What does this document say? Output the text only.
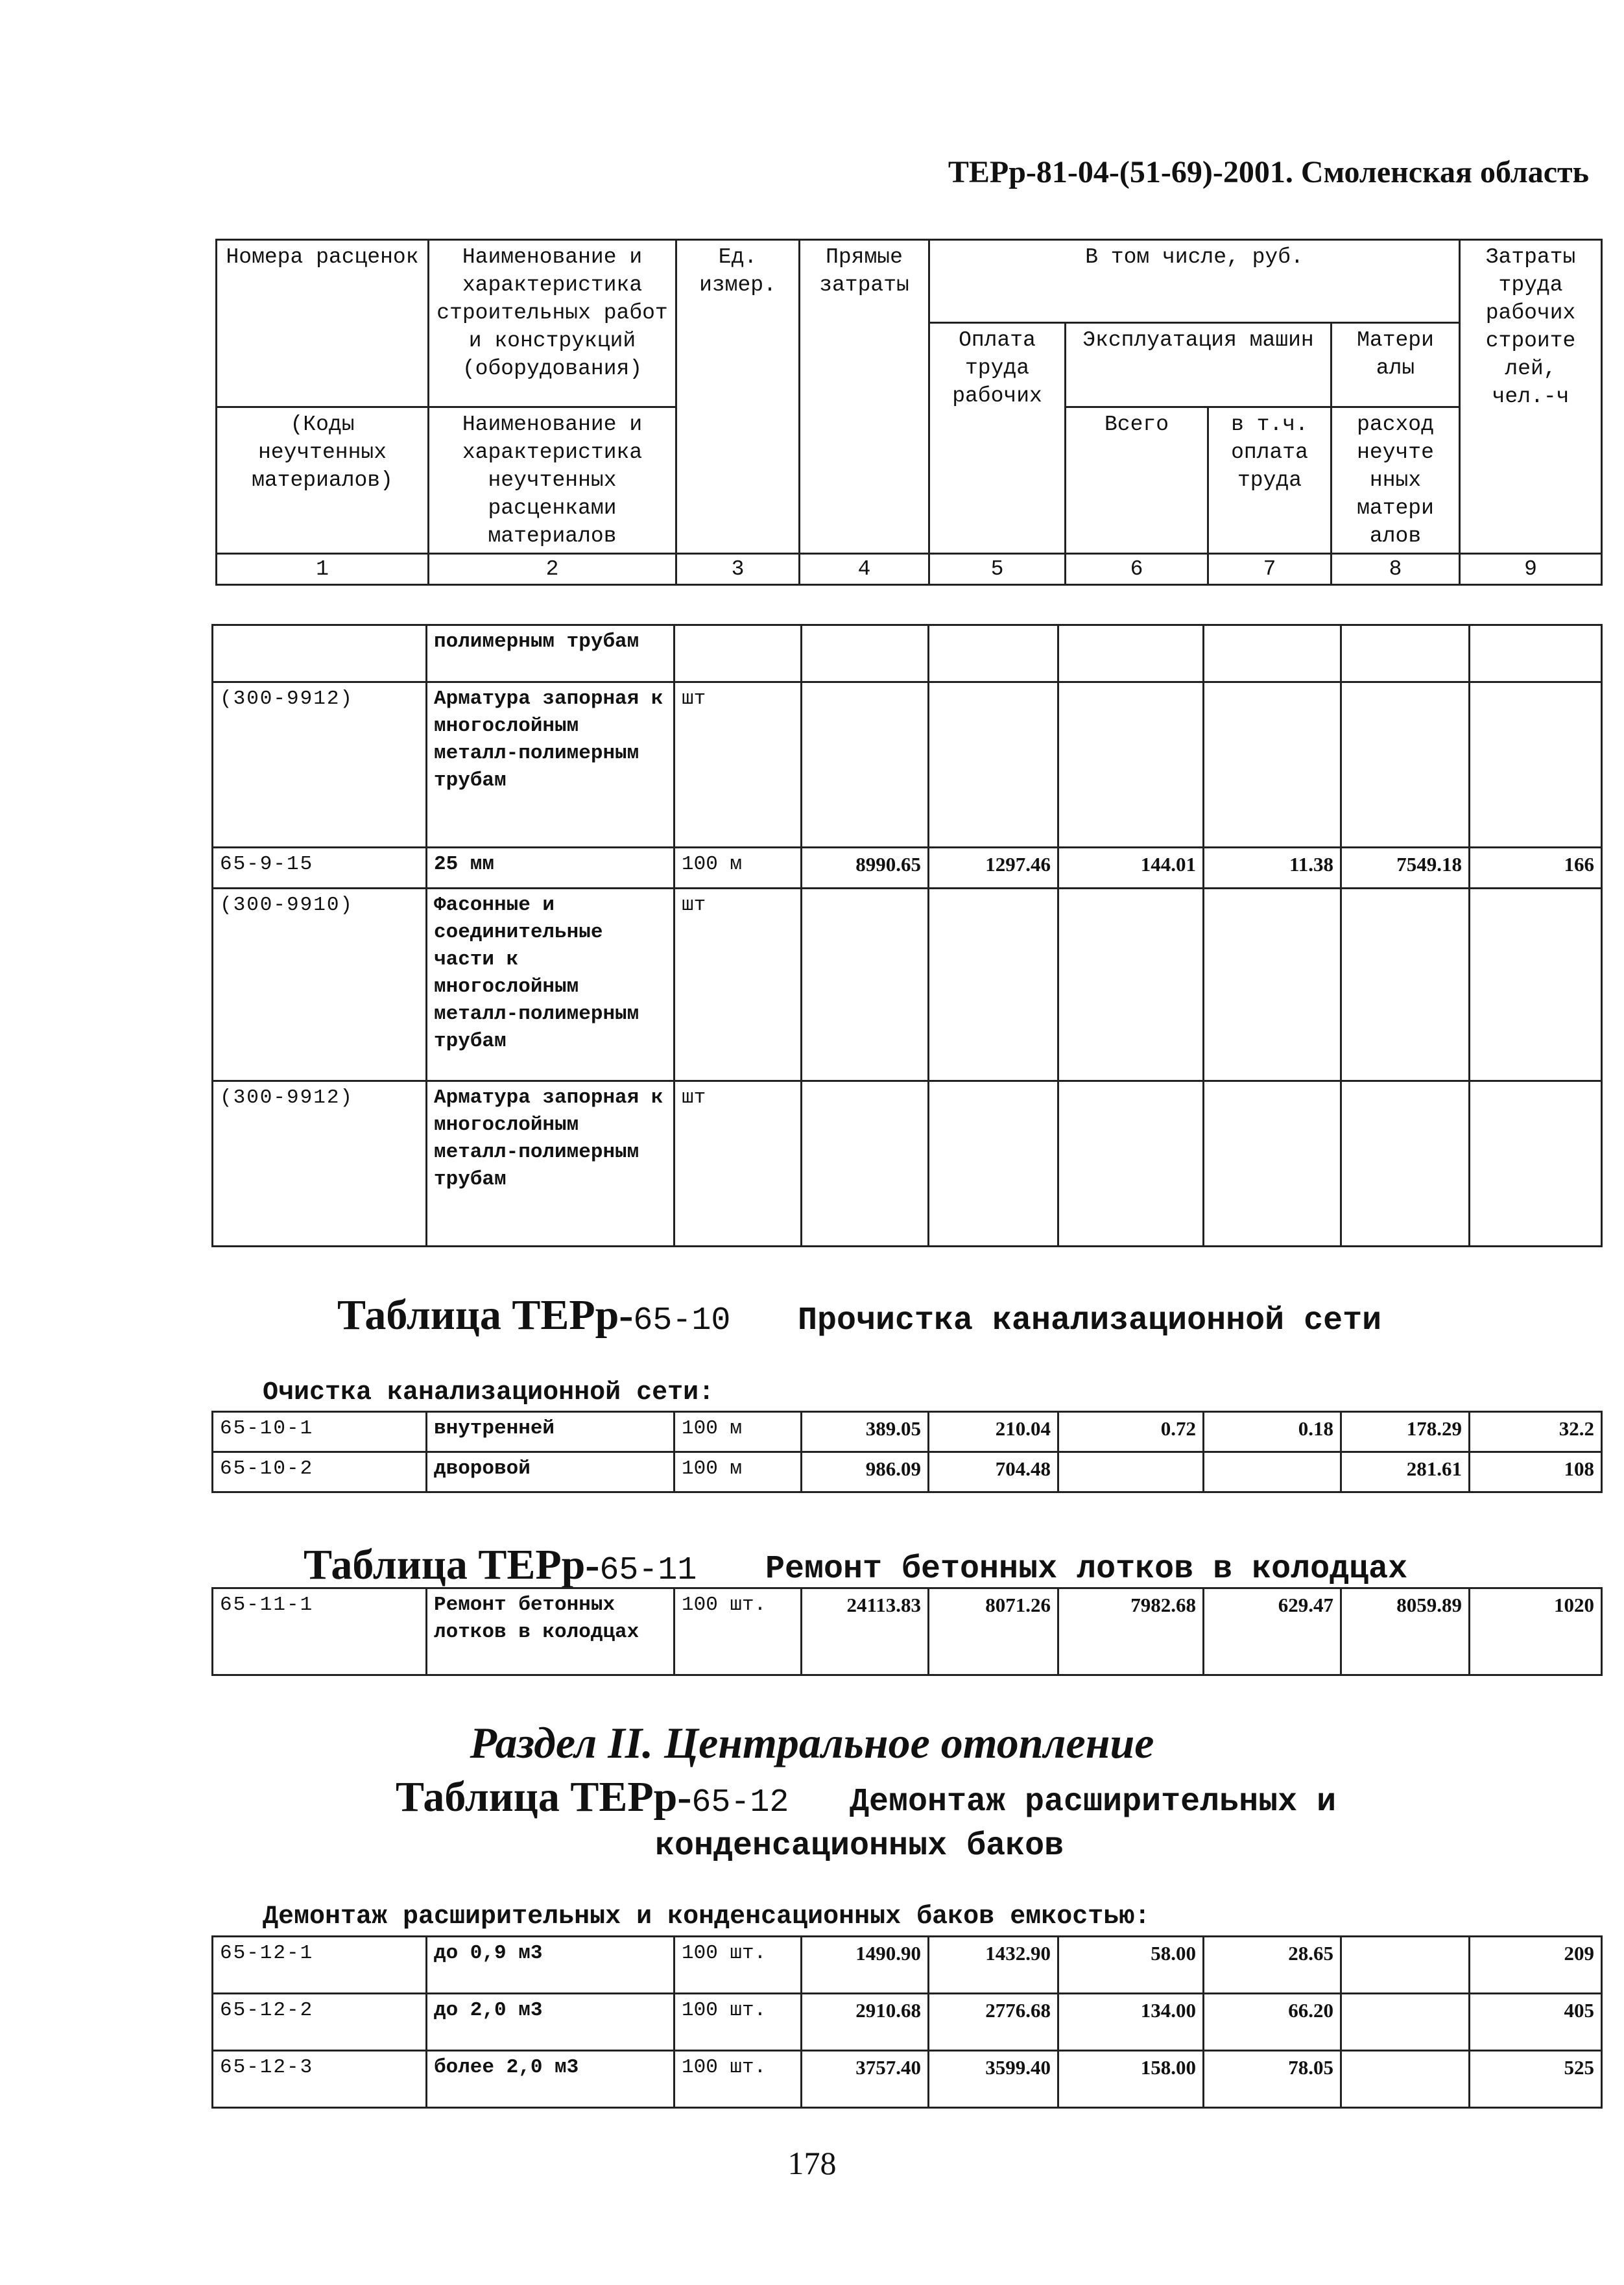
ТЕРр-81-04-(51-69)-2001. Смоленская область
Номера расценок	Наименование и характеристика строительных работ и конструкций (оборудования)	Ед. измер.	Прямые затраты	В том числе, руб.				Затраты труда рабочих строите лей, чел.-ч
				Оплата труда рабочих	Эксплуатация машин		Матери алы	
(Коды неучтенных материалов)	Наименование и характеристика неучтенных расценками материалов				Всего	в т.ч. оплата труда	расход неучте нных матери алов	
1	2	3	4	5	6	7	8	9
	полимерным трубам							
(300-9912)	Арматура запорная к многослойным металл-полимерным трубам	шт						
65-9-15	25 мм	100 м	8990.65	1297.46	144.01	11.38	7549.18	166
(300-9910)	Фасонные и соединительные части к многослойным металл-полимерным трубам	шт						
(300-9912)	Арматура запорная к многослойным металл-полимерным трубам	шт						
Таблица ТЕРр-65-10 Прочистка канализационной сети
Очистка канализационной сети:
65-10-1	внутренней	100 м	389.05	210.04	0.72	0.18	178.29	32.2
65-10-2	дворовой	100 м	986.09	704.48			281.61	108
Таблица ТЕРр-65-11 Ремонт бетонных лотков в колодцах
65-11-1	Ремонт бетонных лотков в колодцах	100 шт.	24113.83	8071.26	7982.68	629.47	8059.89	1020
Раздел II. Центральное отопление
Таблица ТЕРр-65-12 Демонтаж расширительных и
конденсационных баков
Демонтаж расширительных и конденсационных баков емкостью:
65-12-1	до 0,9 м3	100 шт.	1490.90	1432.90	58.00	28.65		209
65-12-2	до 2,0 м3	100 шт.	2910.68	2776.68	134.00	66.20		405
65-12-3	более 2,0 м3	100 шт.	3757.40	3599.40	158.00	78.05		525
178
